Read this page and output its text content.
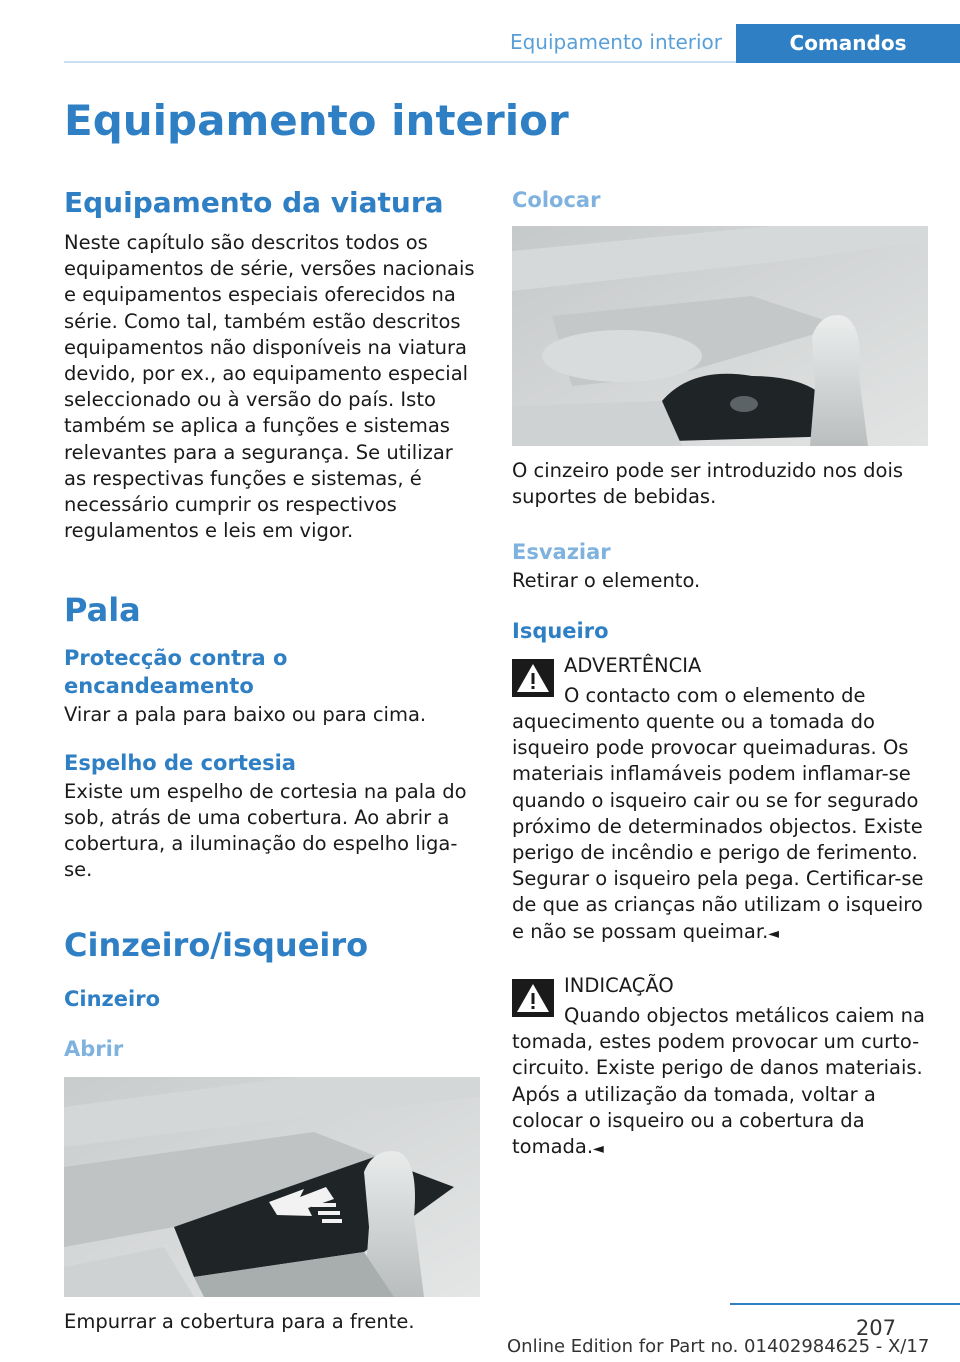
Equipamento interior	Comandos
Equipamento interior
Equipamento da viatura

Neste capítulo são descritos todos os equipamentos de série, versões nacionais e equipamentos especiais oferecidos na série. Como tal, também estão descritos equipamentos não disponíveis na viatura devido, por ex., ao equipamento especial seleccionado ou à versão do país. Isto também se aplica a funções e sistemas relevantes para a segurança. Se utilizar as respectivas funções e sistemas, é necessário cumprir os respectivos regulamentos e leis em vigor.

Pala
Protecção contra o encandeamento

Virar a pala para baixo ou para cima.

Espelho de cortesia

Existe um espelho de cortesia na pala do sob, atrás de uma cobertura. Ao abrir a cobertura, a iluminação do espelho liga-se.

Cinzeiro/isqueiro
Cinzeiro
Abrir

Empurrar a cobertura para a frente.

Colocar

O cinzeiro pode ser introduzido nos dois suportes de bebidas.

Esvaziar

Retirar o elemento.

Isqueiro

ADVERTÊNCIA

O contacto com o elemento de aquecimento quente ou a tomada do isqueiro pode provocar queimaduras. Os materiais inflamáveis podem inflamar-se quando o isqueiro cair ou se for segurado próximo de determinados objectos. Existe perigo de incêndio e perigo de ferimento. Segurar o isqueiro pela pega. Certificar-se de que as crianças não utilizam o isqueiro e não se possam queimar.◄

INDICAÇÃO

Quando objectos metálicos caiem na tomada, estes podem provocar um curto-circuito. Existe perigo de danos materiais. Após a utilização da tomada, voltar a colocar o isqueiro ou a cobertura da tomada.◄

207
Online Edition for Part no. 01402984625 - X/17
